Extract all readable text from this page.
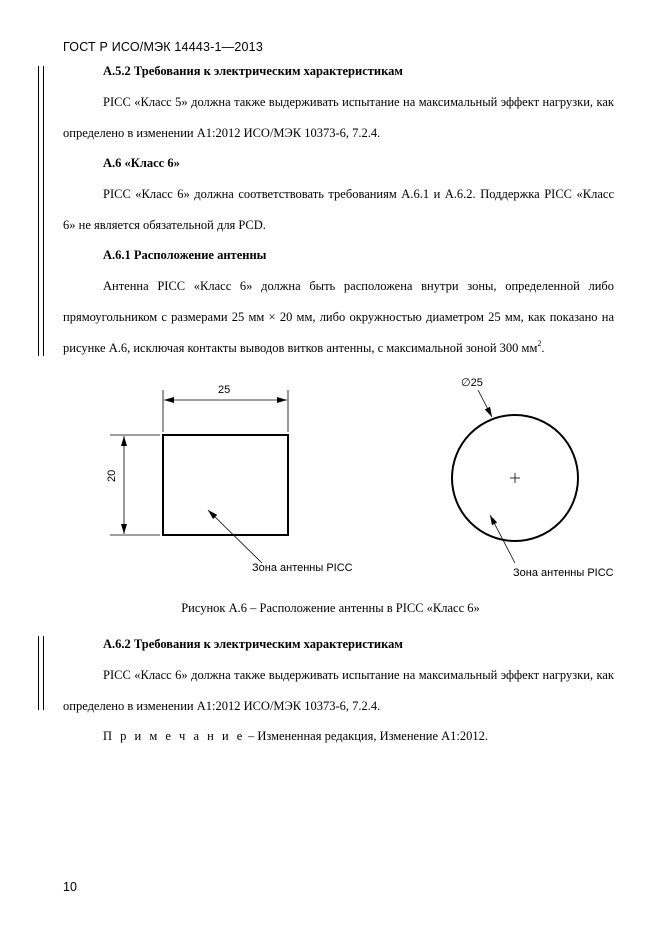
ГОСТ Р ИСО/МЭК 14443-1—2013

А.5.2 Требования к электрическим характеристикам

PICC «Класс 5» должна также выдерживать испытание на максимальный эффект нагрузки, как определено в изменении А1:2012 ИСО/МЭК 10373-6, 7.2.4.

А.6 «Класс 6»

PICC «Класс 6» должна соответствовать требованиям А.6.1 и А.6.2. Поддержка PICC «Класс 6» не является обязательной для PCD.

А.6.1 Расположение антенны

Антенна PICC «Класс 6» должна быть расположена внутри зоны, определенной либо прямоугольником с размерами 25 мм × 20 мм, либо окружностью диаметром 25 мм, как показано на рисунке А.6, исключая контакты выводов витков антенны, с максимальной зоной 300 $мм^2$.

25
20
Зона антенны PICC
∅25
Зона антенны PICC
Рисунок А.6 – Расположение антенны в PICC «Класс 6»

А.6.2 Требования к электрическим характеристикам

PICC «Класс 6» должна также выдерживать испытание на максимальный эффект нагрузки, как определено в изменении А1:2012 ИСО/МЭК 10373-6, 7.2.4.

П р и м е ч а н и е – Измененная редакция, Изменение А1:2012.

10
